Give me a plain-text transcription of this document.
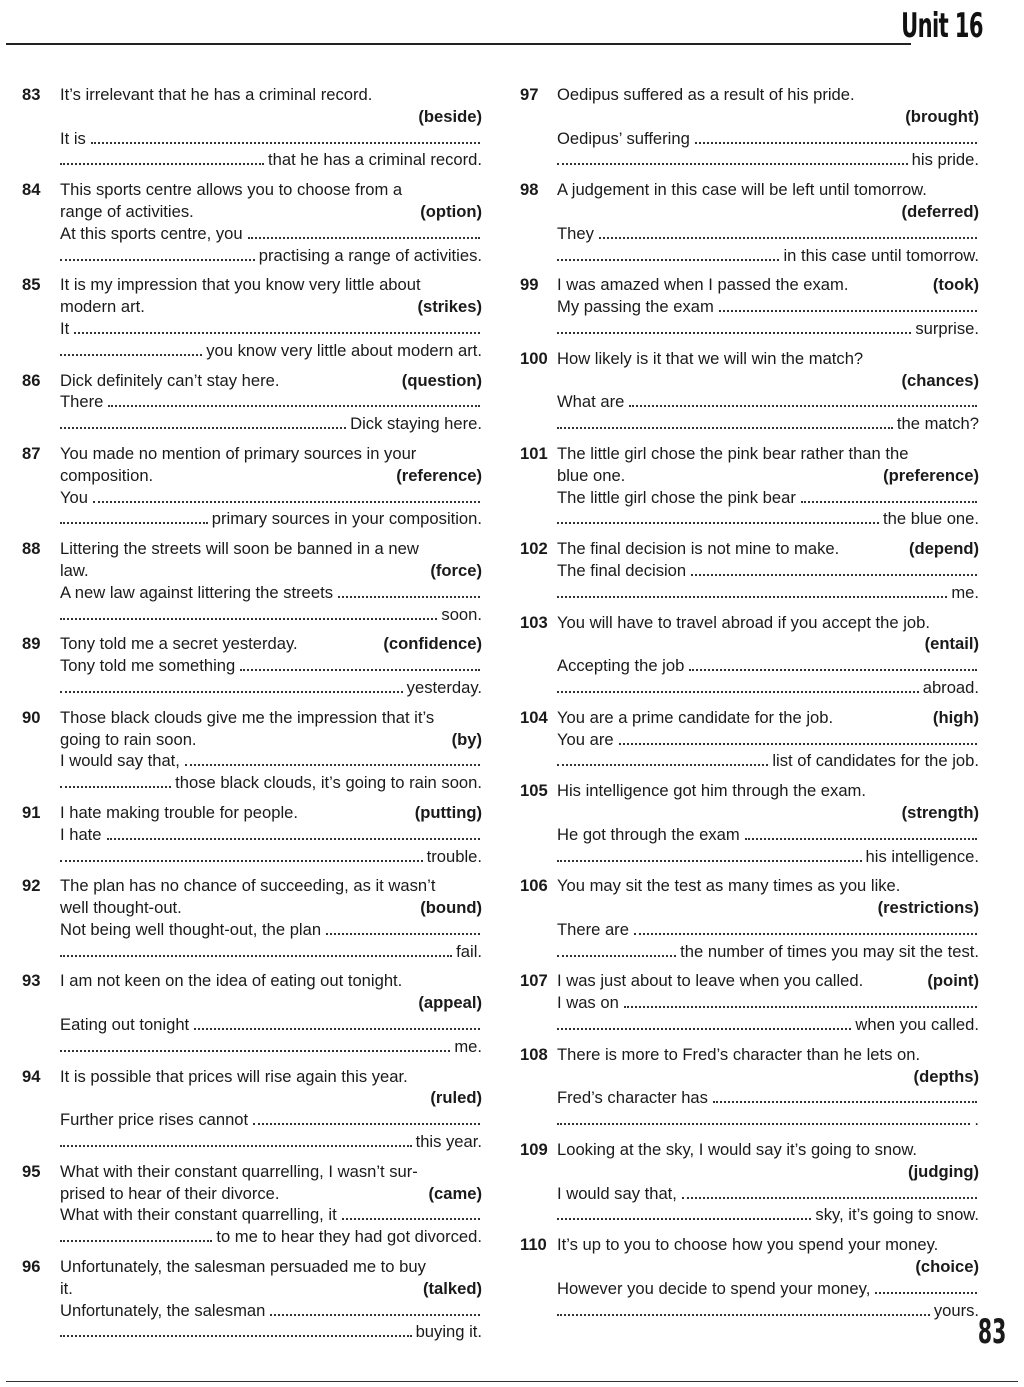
Unit 16
83 It’s irrelevant that he has a criminal record.
(beside)
It is
that he has a criminal record.
84 This sports centre allows you to choose from a
range of activities.	(option)
At this sports centre, you
practising a range of activities.
85 It is my impression that you know very little about
modern art.	(strikes)
It
you know very little about modern art.
86 Dick definitely can’t stay here.	(question)
There
Dick staying here.
87 You made no mention of primary sources in your
composition.	(reference)
You
primary sources in your composition.
88 Littering the streets will soon be banned in a new
law.	(force)
A new law against littering the streets
soon.
89 Tony told me a secret yesterday.	(confidence)
Tony told me something
yesterday.
90 Those black clouds give me the impression that it’s
going to rain soon.	(by)
I would say that,
those black clouds, it’s going to rain soon.
91 I hate making trouble for people.	(putting)
I hate
trouble.
92 The plan has no chance of succeeding, as it wasn’t
well thought-out.	(bound)
Not being well thought-out, the plan
fail.
93 I am not keen on the idea of eating out tonight.
(appeal)
Eating out tonight
me.
94 It is possible that prices will rise again this year.
(ruled)
Further price rises cannot
this year.
95 What with their constant quarrelling, I wasn’t sur-
prised to hear of their divorce.	(came)
What with their constant quarrelling, it
to me to hear they had got divorced.
96 Unfortunately, the salesman persuaded me to buy
it.	(talked)
Unfortunately, the salesman
buying it.
97 Oedipus suffered as a result of his pride.
(brought)
Oedipus’ suffering
his pride.
98 A judgement in this case will be left until tomorrow.
(deferred)
They
in this case until tomorrow.
99 I was amazed when I passed the exam.	(took)
My passing the exam
surprise.
100 How likely is it that we will win the match?
(chances)
What are
the match?
101 The little girl chose the pink bear rather than the
blue one.	(preference)
The little girl chose the pink bear
the blue one.
102 The final decision is not mine to make.	(depend)
The final decision
me.
103 You will have to travel abroad if you accept the job.
(entail)
Accepting the job
abroad.
104 You are a prime candidate for the job.	(high)
You are
list of candidates for the job.
105 His intelligence got him through the exam.
(strength)
He got through the exam
his intelligence.
106 You may sit the test as many times as you like.
(restrictions)
There are
the number of times you may sit the test.
107 I was just about to leave when you called.	(point)
I was on
when you called.
108 There is more to Fred’s character than he lets on.
(depths)
Fred’s character has
.
109 Looking at the sky, I would say it’s going to snow.
(judging)
I would say that,
sky, it’s going to snow.
110 It’s up to you to choose how you spend your money.
(choice)
However you decide to spend your money,
yours.
83
